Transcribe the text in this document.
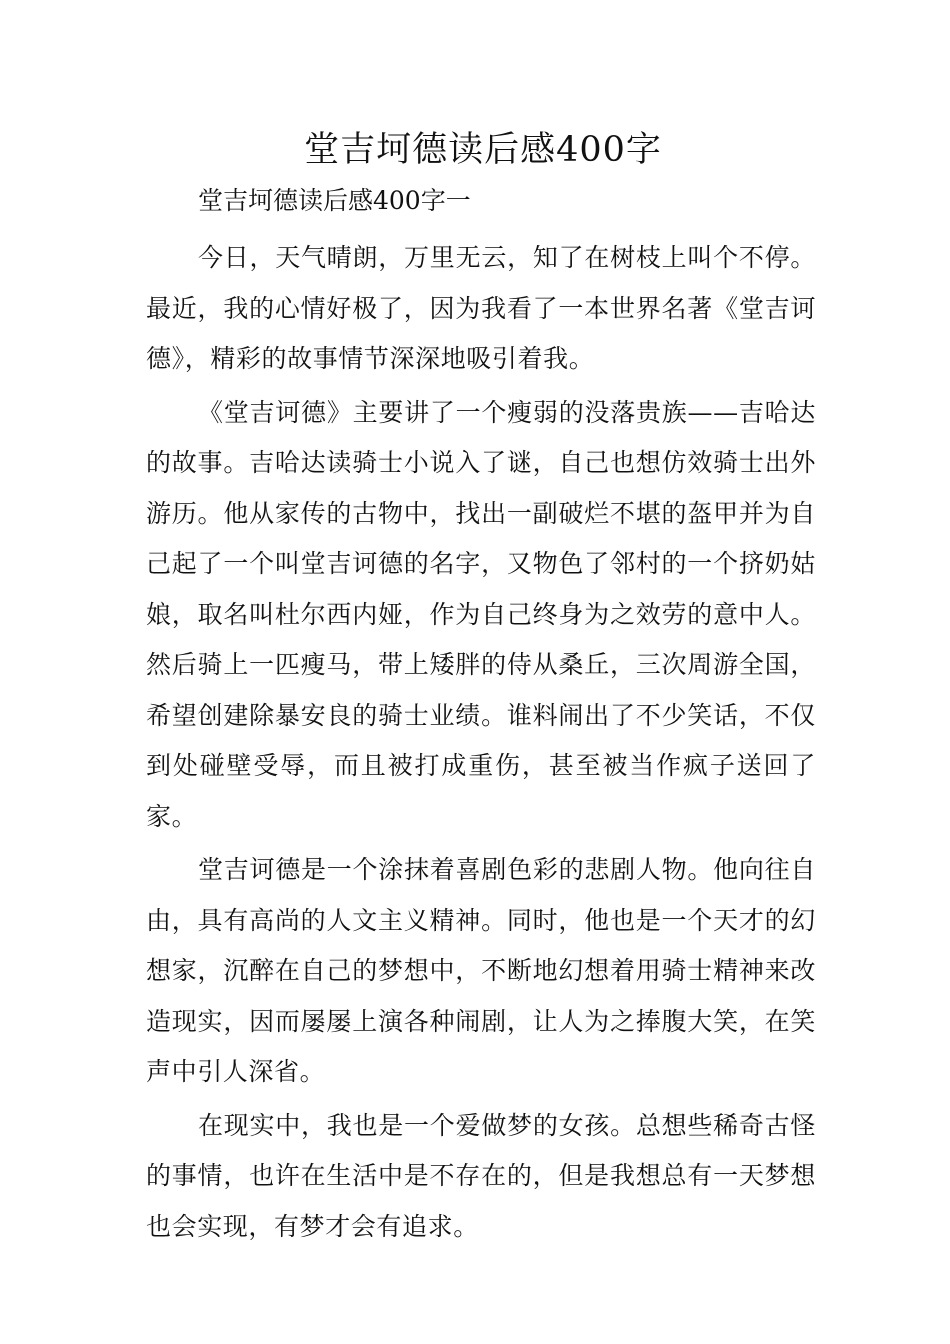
堂吉坷德读后感400字
堂吉坷德读后感400字一

今日，天气晴朗，万里无云，知了在树枝上叫个不停。最近，我的心情好极了，因为我看了一本世界名著《堂吉诃德》，精彩的故事情节深深地吸引着我。

《堂吉诃德》主要讲了一个瘦弱的没落贵族——吉哈达的故事。吉哈达读骑士小说入了谜，自己也想仿效骑士出外游历。他从家传的古物中，找出一副破烂不堪的盔甲并为自己起了一个叫堂吉诃德的名字，又物色了邻村的一个挤奶姑娘，取名叫杜尔西内娅，作为自己终身为之效劳的意中人。然后骑上一匹瘦马，带上矮胖的侍从桑丘，三次周游全国，希望创建除暴安良的骑士业绩。谁料闹出了不少笑话，不仅到处碰壁受辱，而且被打成重伤，甚至被当作疯子送回了家。

堂吉诃德是一个涂抹着喜剧色彩的悲剧人物。他向往自由，具有高尚的人文主义精神。同时，他也是一个天才的幻想家，沉醉在自己的梦想中，不断地幻想着用骑士精神来改造现实，因而屡屡上演各种闹剧，让人为之捧腹大笑，在笑声中引人深省。

在现实中，我也是一个爱做梦的女孩。总想些稀奇古怪的事情，也许在生活中是不存在的，但是我想总有一天梦想也会实现，有梦才会有追求。
